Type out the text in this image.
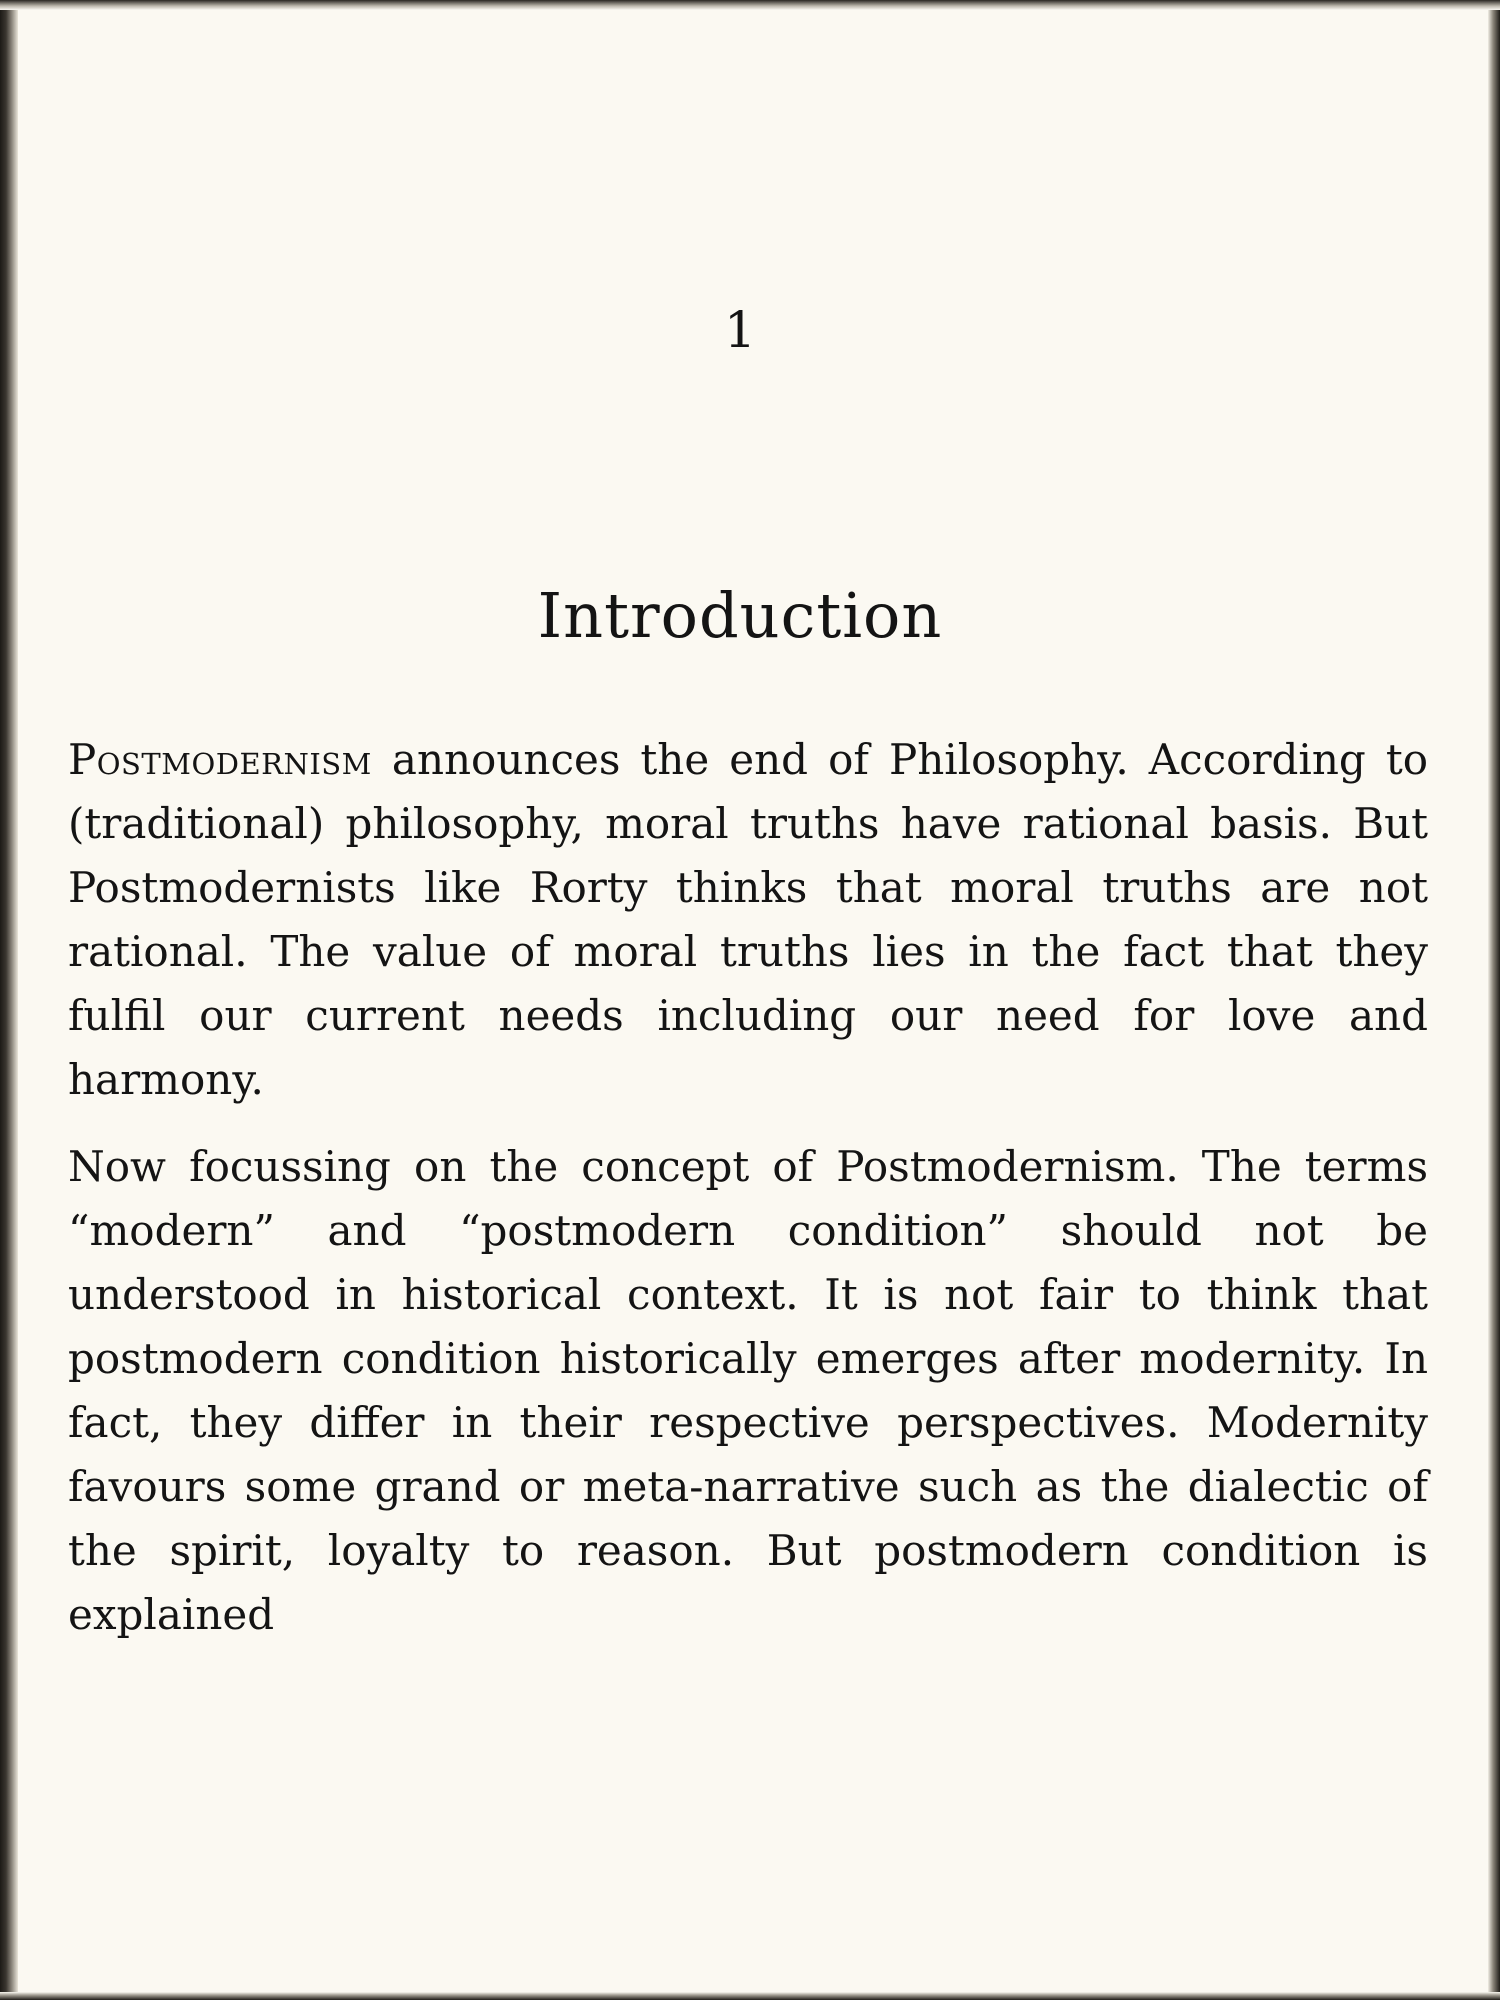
1
Introduction

Postmodernism announces the end of Philosophy. According to (traditional) philosophy, moral truths have rational basis. But Postmodernists like Rorty thinks that moral truths are not rational. The value of moral truths lies in the fact that they fulfil our current needs including our need for love and harmony.

Now focussing on the concept of Postmodernism. The terms “modern” and “postmodern condition” should not be understood in historical context. It is not fair to think that postmodern condition historically emerges after modernity. In fact, they differ in their respective perspectives. Modernity favours some grand or meta-narrative such as the dialectic of the spirit, loyalty to reason. But postmodern condition is explained
